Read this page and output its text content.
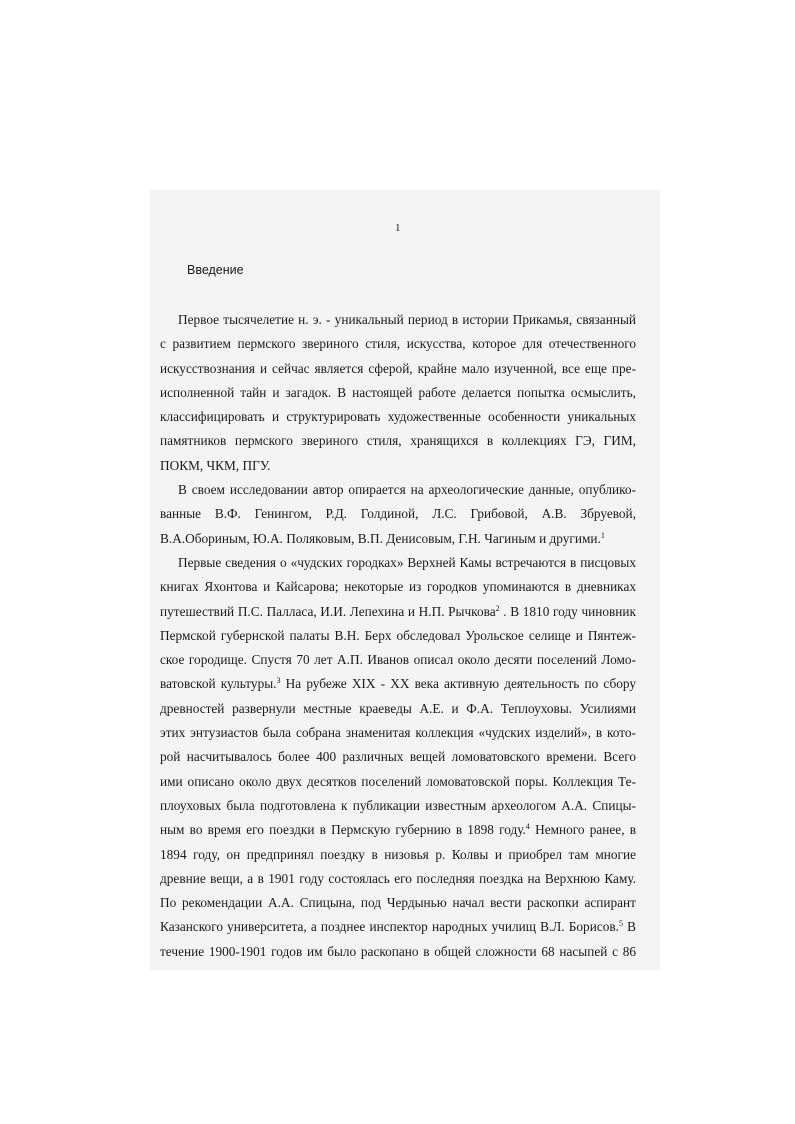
1
Введение
Первое тысячелетие н. э. - уникальный период в истории Прикамья, связанный
с развитием пермского звериного стиля, искусства, которое для отечественного
искусствознания и сейчас является сферой, крайне мало изученной, все еще пре-
исполненной тайн и загадок. В настоящей работе делается попытка осмыслить,
классифицировать и структурировать художественные особенности уникальных
памятников пермского звериного стиля, хранящихся в коллекциях ГЭ, ГИМ,
ПОКМ, ЧКМ, ПГУ.
В своем исследовании автор опирается на археологические данные, опублико-
ванные В.Ф. Генингом, Р.Д. Голдиной, Л.С. Грибовой, А.В. Збруевой,
В.А.Обориным, Ю.А. Поляковым, В.П. Денисовым, Г.Н. Чагиным и другими.$^1$
Первые сведения о «чудских городках» Верхней Камы встречаются в писцовых
книгах Яхонтова и Кайсарова; некоторые из городков упоминаются в дневниках
путешествий П.С. Палласа, И.И. Лепехина и Н.П. Рычкова$^2$ . В 1810 году чиновник
Пермской губернской палаты В.Н. Берх обследовал Урольское селище и Пянтеж-
ское городище. Спустя 70 лет А.П. Иванов описал около десяти поселений Ломо-
ватовской культуры.$^3$ На рубеже XIX - XX века активную деятельность по сбору
древностей развернули местные краеведы А.Е. и Ф.А. Теплоуховы. Усилиями
этих энтузиастов была собрана знаменитая коллекция «чудских изделий», в кото-
рой насчитывалось более 400 различных вещей ломоватовского времени. Всего
ими описано около двух десятков поселений ломоватовской поры. Коллекция Те-
плоуховых была подготовлена к публикации известным археологом А.А. Спицы-
ным во время его поездки в Пермскую губернию в 1898 году.$^4$ Немного ранее, в
1894 году, он предпринял поездку в низовья р. Колвы и приобрел там многие
древние вещи, а в 1901 году состоялась его последняя поездка на Верхнюю Каму.
По рекомендации А.А. Спицына, под Чердынью начал вести раскопки аспирант
Казанского университета, а позднее инспектор народных училищ В.Л. Борисов.$^5$ В
течение 1900-1901 годов им было раскопано в общей сложности 68 насыпей с 86
